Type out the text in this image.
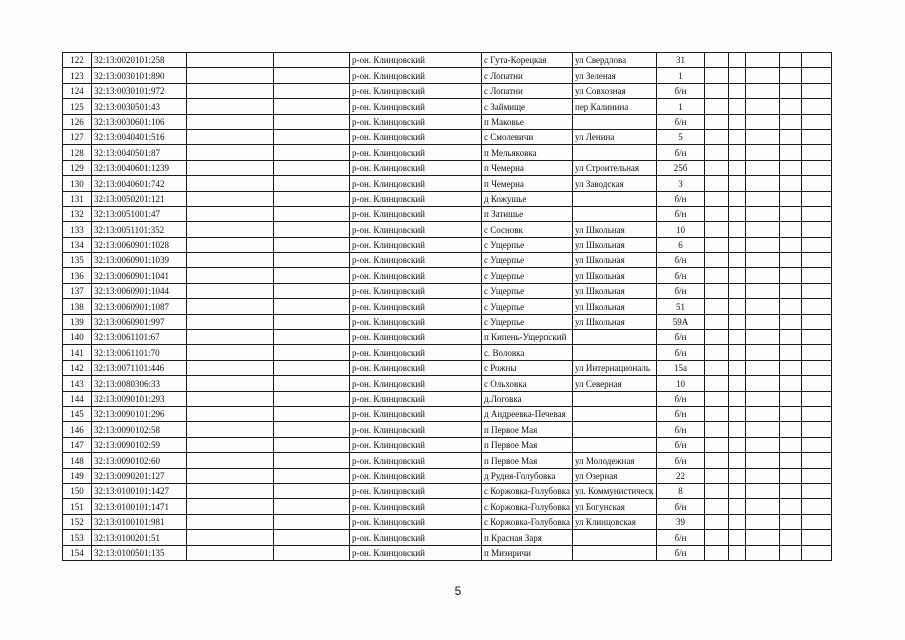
122	32:13:0020101:258			р-он. Клинцовский	с Гута-Корецкая	ул Свердлова	31					
123	32:13:0030101:890			р-он. Клинцовский	с Лопатни	ул Зеленая	1					
124	32:13:0030101:972			р-он. Клинцовский	с Лопатни	ул Совхозная	б/н					
125	32:13:0030501:43			р-он. Клинцовский	с Займище	пер Калинина	1					
126	32:13:0030601:106			р-он. Клинцовский	п Маковье		б/н					
127	32:13:0040401:516			р-он. Клинцовский	с Смолевичи	ул Ленина	5					
128	32:13:0040501:87			р-он. Клинцовский	п Мельяковка		б/н					
129	32:13:0040601:1239			р-он. Клинцовский	п Чемерна	ул Строительная	25б					
130	32:13:0040601:742			р-он. Клинцовский	п Чемерна	ул Заводская	3					
131	32:13:0050201:121			р-он. Клинцовский	д Кожушье		б/н					
132	32:13:0051001:47			р-он. Клинцовский	п Затишье		б/н					
133	32:13:0051101:352			р-он. Клинцовский	с Сосновк	ул Школьная	10					
134	32:13:0060901:1028			р-он. Клинцовский	с Ущерпье	ул Школьная	6					
135	32:13:0060901:1039			р-он. Клинцовский	с Ущерпье	ул Школьная	б/н					
136	32:13:0060901:1041			р-он. Клинцовский	с Ущерпье	ул Школьная	б/н					
137	32:13:0060901:1044			р-он. Клинцовский	с Ущерпье	ул Школьная	б/н					
138	32:13:0060901:1087			р-он. Клинцовский	с Ущерпье	ул Школьная	51					
139	32:13:0060901:997			р-он. Клинцовский	с Ущерпье	ул Школьная	59А					
140	32:13:0061101:67			р-он. Клинцовский	п Кипень-Ущерпский		б/н					
141	32:13:0061101:70			р-он. Клинцовский	с. Воловка		б/н					
142	32:13:0071101:446			р-он. Клинцовский	с Рожны	ул Интернациональ	15а					
143	32:13:0080306:33			р-он. Клинцовский	с Ольховка	ул Северная	10					
144	32:13:0090101:293			р-он. Клинцовский	д.Логовка		б/н					
145	32:13:0090101:296			р-он. Клинцовский	д Андреевка-Печевая		б/н					
146	32:13:0090102:58			р-он. Клинцовский	п Первое Мая		б/н					
147	32:13:0090102:59			р-он. Клинцовский	п Первое Мая		б/н					
148	32:13:0090102:60			р-он. Клинцовский	п Первое Мая	ул Молодежная	б/н					
149	32:13:0090201:127			р-он. Клинцовский	д Рудня-Голубовка	ул Озерная	22					
150	32:13:0100101:1427			р-он. Клинцовский	с Коржовка-Голубовка	ул. Коммунистическ	8					
151	32:13:0100101:1471			р-он. Клинцовский	с Коржовка-Голубовка	ул Богунская	б/н					
152	32:13:0100101:981			р-он. Клинцовский	с Коржовка-Голубовка	ул Клинцовская	39					
153	32:13:0100201:51			р-он. Клинцовский	п Красная Заря		б/н					
154	32:13:0100501:135			р-он. Клинцовский	п Мизиричи		б/н					
5
